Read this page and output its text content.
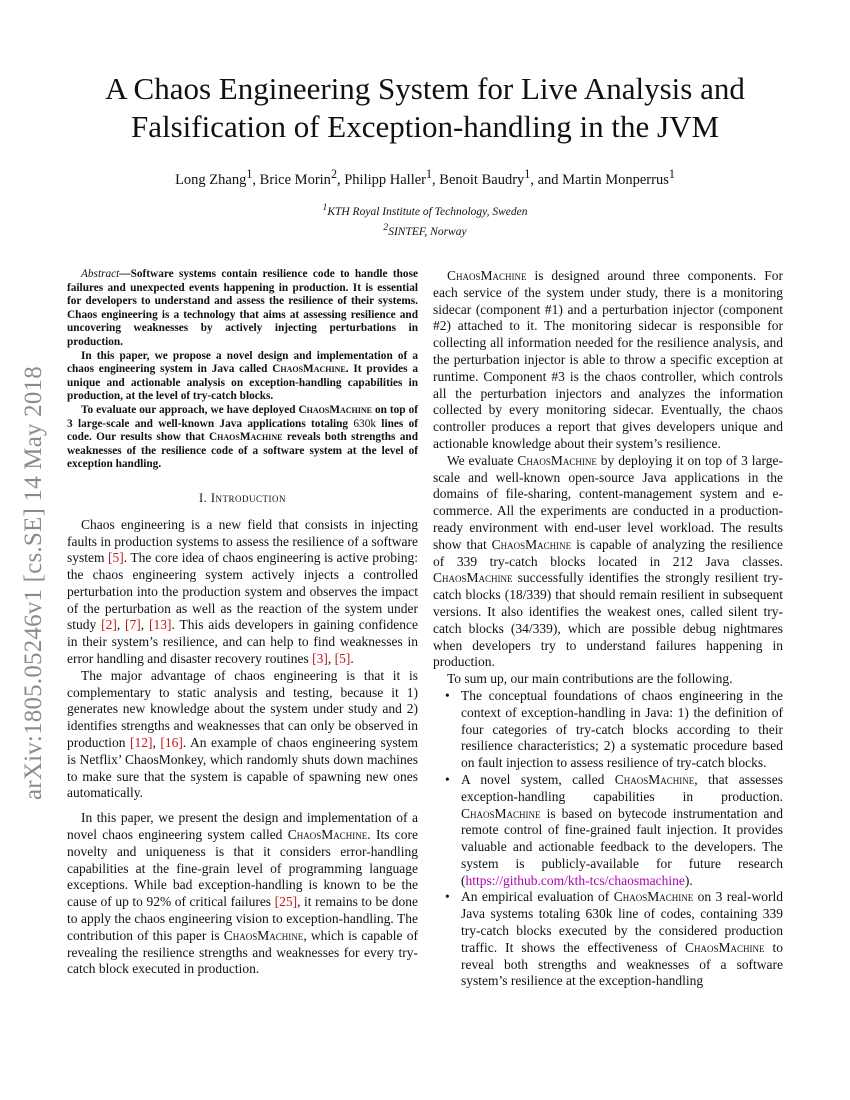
arXiv:1805.05246v1 [cs.SE] 14 May 2018
A Chaos Engineering System for Live Analysis and Falsification of Exception-handling in the JVM
Long Zhang$^1$, Brice Morin$^2$, Philipp Haller$^1$, Benoit Baudry$^1$, and Martin Monperrus$^1$
$^1$KTH Royal Institute of Technology, Sweden
$^2$SINTEF, Norway

Abstract—Software systems contain resilience code to handle those failures and unexpected events happening in production. It is essential for developers to understand and assess the resilience of their systems. Chaos engineering is a technology that aims at assessing resilience and uncovering weaknesses by actively injecting perturbations in production.

In this paper, we propose a novel design and implementation of a chaos engineering system in Java called ChaosMachine. It provides a unique and actionable analysis on exception-handling capabilities in production, at the level of try-catch blocks.

To evaluate our approach, we have deployed ChaosMachine on top of 3 large-scale and well-known Java applications totaling 630k lines of code. Our results show that ChaosMachine reveals both strengths and weaknesses of the resilience code of a software system at the level of exception handling.

I. Introduction

Chaos engineering is a new field that consists in injecting faults in production systems to assess the resilience of a software system [5]. The core idea of chaos engineering is active probing: the chaos engineering system actively injects a controlled perturbation into the production system and observes the impact of the perturbation as well as the reaction of the system under study [2], [7], [13]. This aids developers in gaining confidence in their system’s resilience, and can help to find weaknesses in error handling and disaster recovery routines [3], [5].

The major advantage of chaos engineering is that it is complementary to static analysis and testing, because it 1) generates new knowledge about the system under study and 2) identifies strengths and weaknesses that can only be observed in production [12], [16]. An example of chaos engineering system is Netflix’ ChaosMonkey, which randomly shuts down machines to make sure that the system is capable of spawning new ones automatically.

In this paper, we present the design and implementation of a novel chaos engineering system called ChaosMachine. Its core novelty and uniqueness is that it considers error-handling capabilities at the fine-grain level of programming language exceptions. While bad exception-handling is known to be the cause of up to 92% of critical failures [25], it remains to be done to apply the chaos engineering vision to exception-handling. The contribution of this paper is ChaosMachine, which is capable of revealing the resilience strengths and weaknesses for every try-catch block executed in production.

ChaosMachine is designed around three components. For each service of the system under study, there is a monitoring sidecar (component #1) and a perturbation injector (component #2) attached to it. The monitoring sidecar is responsible for collecting all information needed for the resilience analysis, and the perturbation injector is able to throw a specific exception at runtime. Component #3 is the chaos controller, which controls all the perturbation injectors and analyzes the information collected by every monitoring sidecar. Eventually, the chaos controller produces a report that gives developers unique and actionable knowledge about their system’s resilience.

We evaluate ChaosMachine by deploying it on top of 3 large-scale and well-known open-source Java applications in the domains of file-sharing, content-management system and e-commerce. All the experiments are conducted in a production-ready environment with end-user level workload. The results show that ChaosMachine is capable of analyzing the resilience of 339 try-catch blocks located in 212 Java classes. ChaosMachine successfully identifies the strongly resilient try-catch blocks (18/339) that should remain resilient in subsequent versions. It also identifies the weakest ones, called silent try-catch blocks (34/339), which are possible debug nightmares when developers try to understand failures happening in production.

To sum up, our main contributions are the following.

• The conceptual foundations of chaos engineering in the context of exception-handling in Java: 1) the definition of four categories of try-catch blocks according to their resilience characteristics; 2) a systematic procedure based on fault injection to assess resilience of try-catch blocks.
• A novel system, called ChaosMachine, that assesses exception-handling capabilities in production. ChaosMachine is based on bytecode instrumentation and remote control of fine-grained fault injection. It provides valuable and actionable feedback to the developers. The system is publicly-available for future research (https://github.com/kth-tcs/chaosmachine).
• An empirical evaluation of ChaosMachine on 3 real-world Java systems totaling 630k line of codes, containing 339 try-catch blocks executed by the considered production traffic. It shows the effectiveness of ChaosMachine to reveal both strengths and weaknesses of a software system’s resilience at the exception-handling
